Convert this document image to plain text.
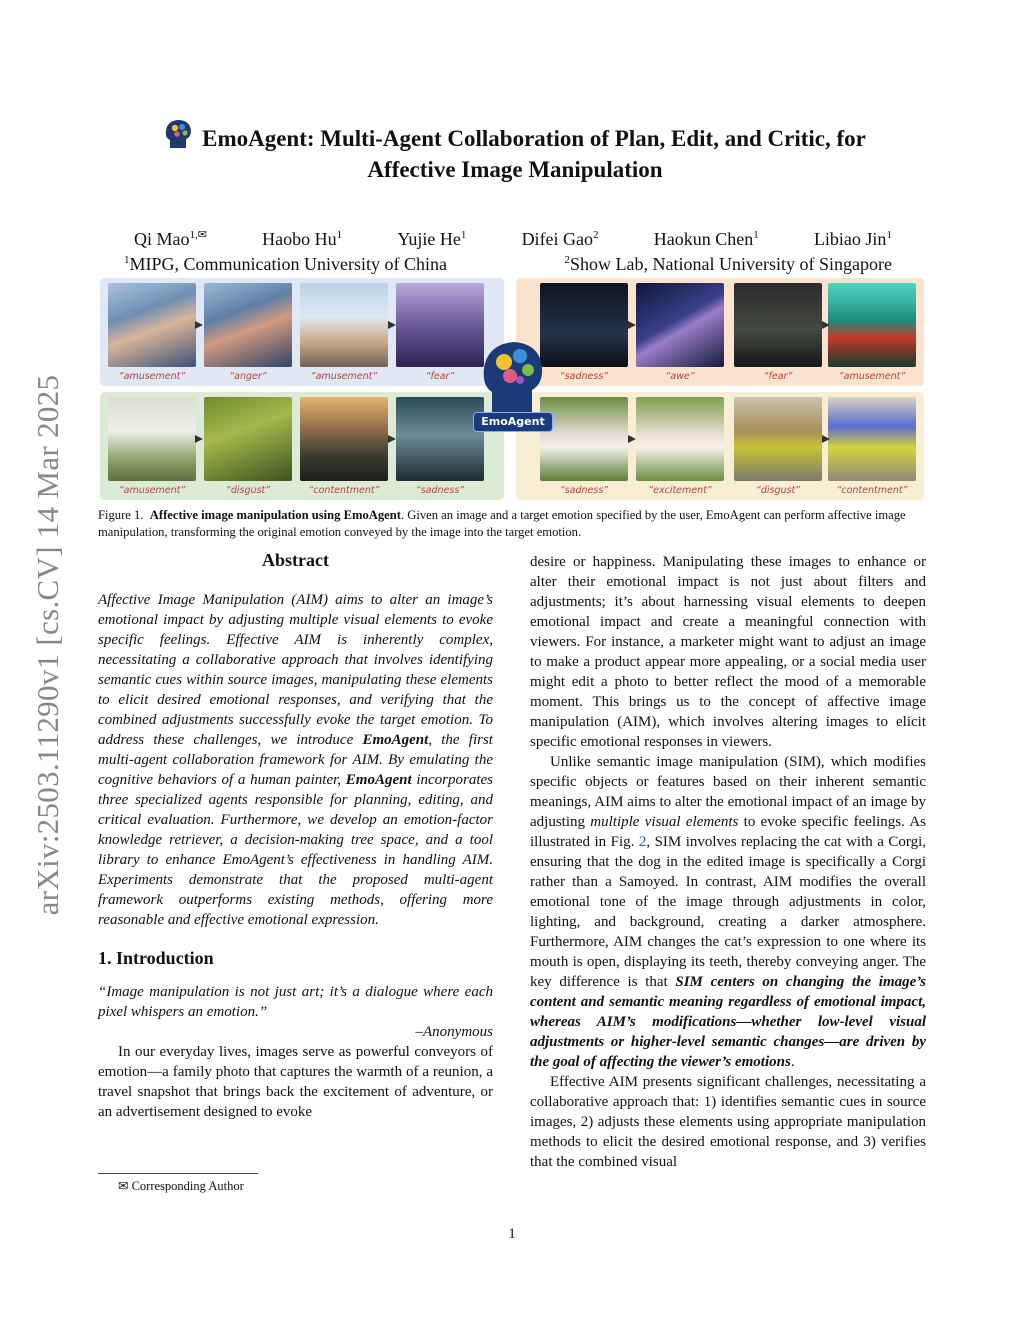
arXiv:2503.11290v1 [cs.CV] 14 Mar 2025
EmoAgent: Multi-Agent Collaboration of Plan, Edit, and Critic, for
Affective Image Manipulation
Qi Mao$^{1,✉}$	Haobo Hu$^1$	Yujie He$^1$	Difei Gao$^2$	Haokun Chen$^1$	Libiao Jin$^1$
$^1$MIPG, Communication University of China	$^2$Show Lab, National University of Singapore
EmoAgent
“amusement”	“anger”	“amusement”	“fear”	“sadness”	“awe”	“fear”	“amusement”
“amusement”	“disgust”	“contentment”	“sadness”	“sadness”	“excitement”	“disgust”	“contentment”
Figure 1. Affective image manipulation using EmoAgent. Given an image and a target emotion specified by the user, EmoAgent can perform affective image manipulation, transforming the original emotion conveyed by the image into the target emotion.
Abstract

Affective Image Manipulation (AIM) aims to alter an image’s emotional impact by adjusting multiple visual elements to evoke specific feelings. Effective AIM is inherently complex, necessitating a collaborative approach that involves identifying semantic cues within source images, manipulating these elements to elicit desired emotional responses, and verifying that the combined adjustments successfully evoke the target emotion. To address these challenges, we introduce EmoAgent, the first multi-agent collaboration framework for AIM. By emulating the cognitive behaviors of a human painter, EmoAgent incorporates three specialized agents responsible for planning, editing, and critical evaluation. Furthermore, we develop an emotion-factor knowledge retriever, a decision-making tree space, and a tool library to enhance EmoAgent’s effectiveness in handling AIM. Experiments demonstrate that the proposed multi-agent framework outperforms existing methods, offering more reasonable and effective emotional expression.

1. Introduction

“Image manipulation is not just art; it’s a dialogue where each pixel whispers an emotion.”

–Anonymous

In our everyday lives, images serve as powerful conveyors of emotion—a family photo that captures the warmth of a reunion, a travel snapshot that brings back the excitement of adventure, or an advertisement designed to evoke

desire or happiness. Manipulating these images to enhance or alter their emotional impact is not just about filters and adjustments; it’s about harnessing visual elements to deepen emotional impact and create a meaningful connection with viewers. For instance, a marketer might want to adjust an image to make a product appear more appealing, or a social media user might edit a photo to better reflect the mood of a memorable moment. This brings us to the concept of affective image manipulation (AIM), which involves altering images to elicit specific emotional responses in viewers.

Unlike semantic image manipulation (SIM), which modifies specific objects or features based on their inherent semantic meanings, AIM aims to alter the emotional impact of an image by adjusting multiple visual elements to evoke specific feelings. As illustrated in Fig. 2, SIM involves replacing the cat with a Corgi, ensuring that the dog in the edited image is specifically a Corgi rather than a Samoyed. In contrast, AIM modifies the overall emotional tone of the image through adjustments in color, lighting, and background, creating a darker atmosphere. Furthermore, AIM changes the cat’s expression to one where its mouth is open, displaying its teeth, thereby conveying anger. The key difference is that SIM centers on changing the image’s content and semantic meaning regardless of emotional impact, whereas AIM’s modifications—whether low-level visual adjustments or higher-level semantic changes—are driven by the goal of affecting the viewer’s emotions.

Effective AIM presents significant challenges, necessitating a collaborative approach that: 1) identifies semantic cues in source images, 2) adjusts these elements using appropriate manipulation methods to elicit the desired emotional response, and 3) verifies that the combined visual

✉ Corresponding Author
1
